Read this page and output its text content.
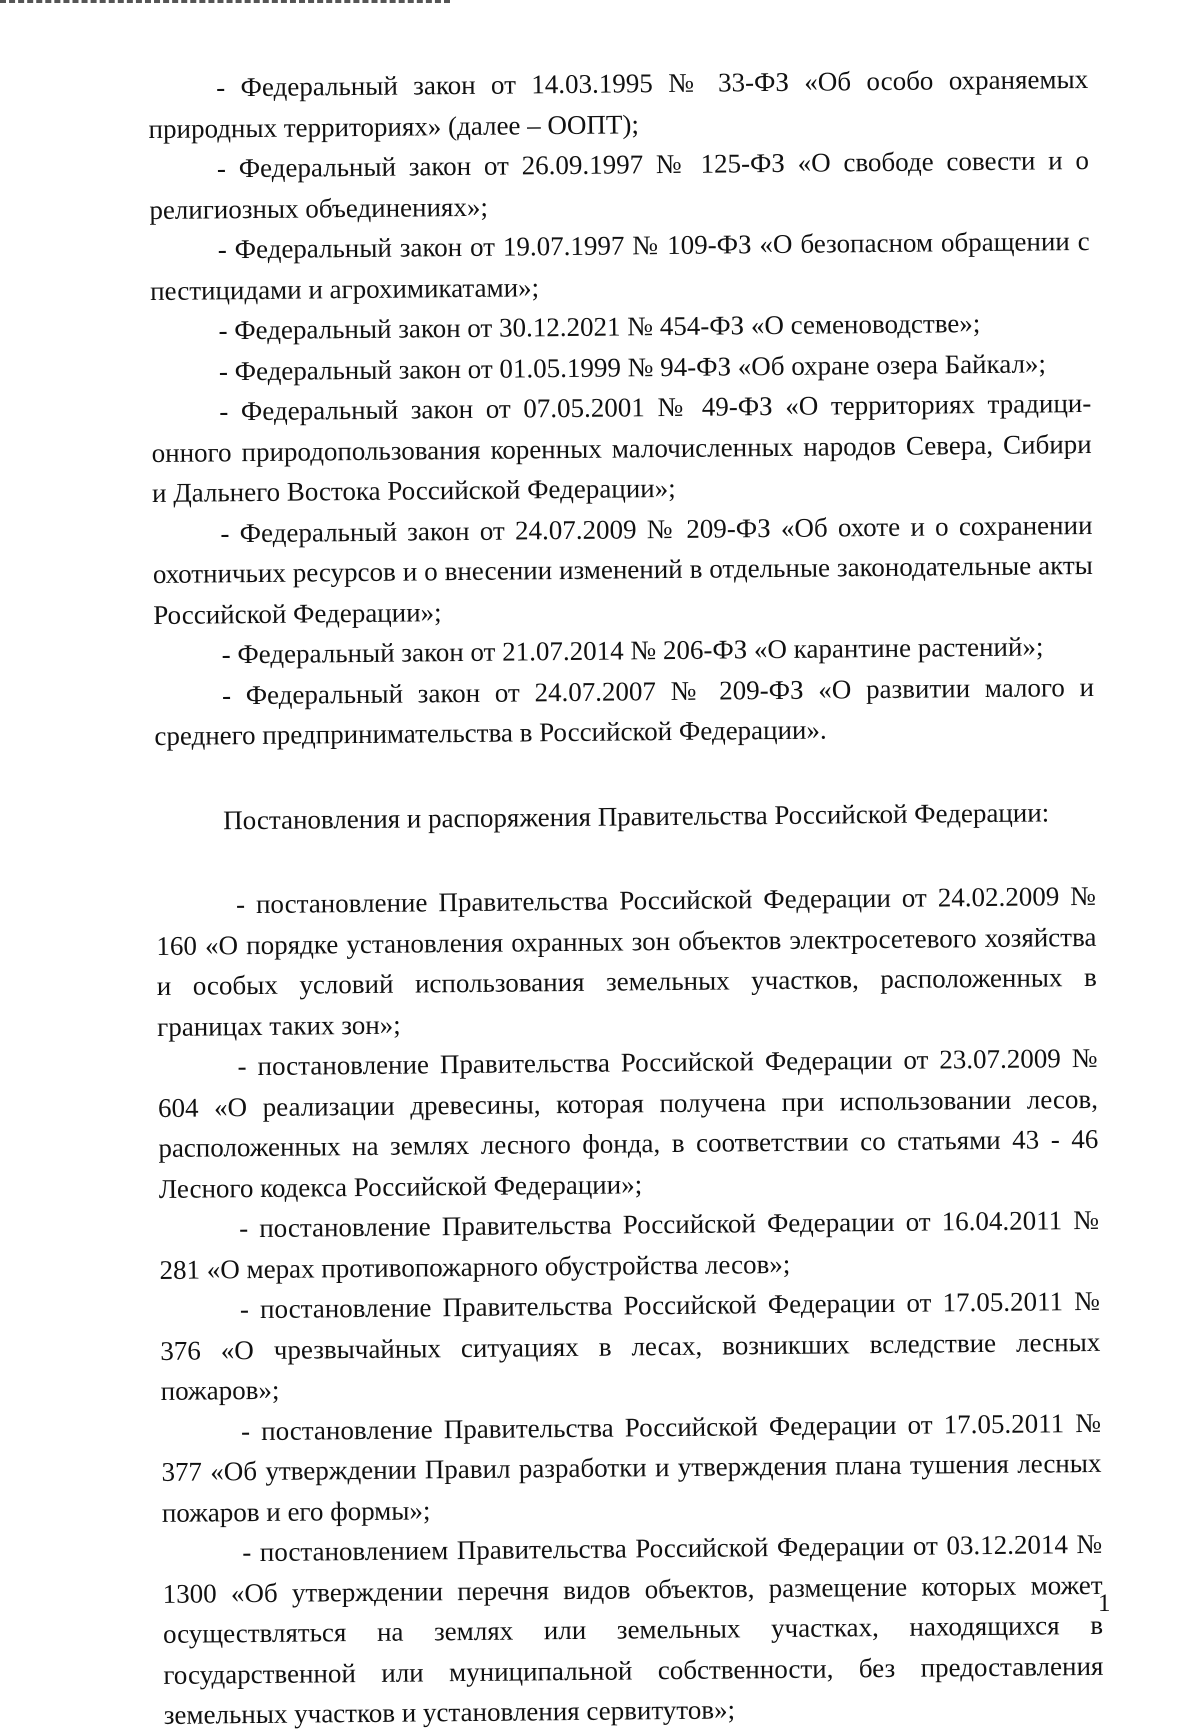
- Федеральный закон от 14.03.1995 № 33-ФЗ «Об особо охраняемых природных территориях» (далее – ООПТ);

- Федеральный закон от 26.09.1997 № 125-ФЗ «О свободе совести и о религиозных объединениях»;

- Федеральный закон от 19.07.1997 № 109-ФЗ «О безопасном обращении с пестицидами и агрохимикатами»;

- Федеральный закон от 30.12.2021 № 454-ФЗ «О семеноводстве»;

- Федеральный закон от 01.05.1999 № 94-ФЗ «Об охране озера Байкал»;

- Федеральный закон от 07.05.2001 № 49-ФЗ «О территориях традиционного природопользования коренных малочисленных народов Севера, Сибири и Дальнего Востока Российской Федерации»;

- Федеральный закон от 24.07.2009 № 209-ФЗ «Об охоте и о сохранении охотничьих ресурсов и о внесении изменений в отдельные законодательные акты Российской Федерации»;

- Федеральный закон от 21.07.2014 № 206-ФЗ «О карантине растений»;

- Федеральный закон от 24.07.2007 № 209-ФЗ «О развитии малого и среднего предпринимательства в Российской Федерации».

Постановления и распоряжения Правительства Российской Федерации:

- постановление Правительства Российской Федерации от 24.02.2009 № 160 «О порядке установления охранных зон объектов электросетевого хозяйства и особых условий использования земельных участков, расположенных в границах таких зон»;

- постановление Правительства Российской Федерации от 23.07.2009 № 604 «О реализации древесины, которая получена при использовании лесов, расположенных на землях лесного фонда, в соответствии со статьями 43 - 46 Лесного кодекса Российской Федерации»;

- постановление Правительства Российской Федерации от 16.04.2011 № 281 «О мерах противопожарного обустройства лесов»;

- постановление Правительства Российской Федерации от 17.05.2011 № 376 «О чрезвычайных ситуациях в лесах, возникших вследствие лесных пожаров»;

- постановление Правительства Российской Федерации от 17.05.2011 № 377 «Об утверждении Правил разработки и утверждения плана тушения лесных пожаров и его формы»;

- постановлением Правительства Российской Федерации от 03.12.2014 № 1300 «Об утверждении перечня видов объектов, размещение которых может осуществляться на землях или земельных участках, находящихся в государственной или муниципальной собственности, без предоставления земельных участков и установления сервитутов»;

1
